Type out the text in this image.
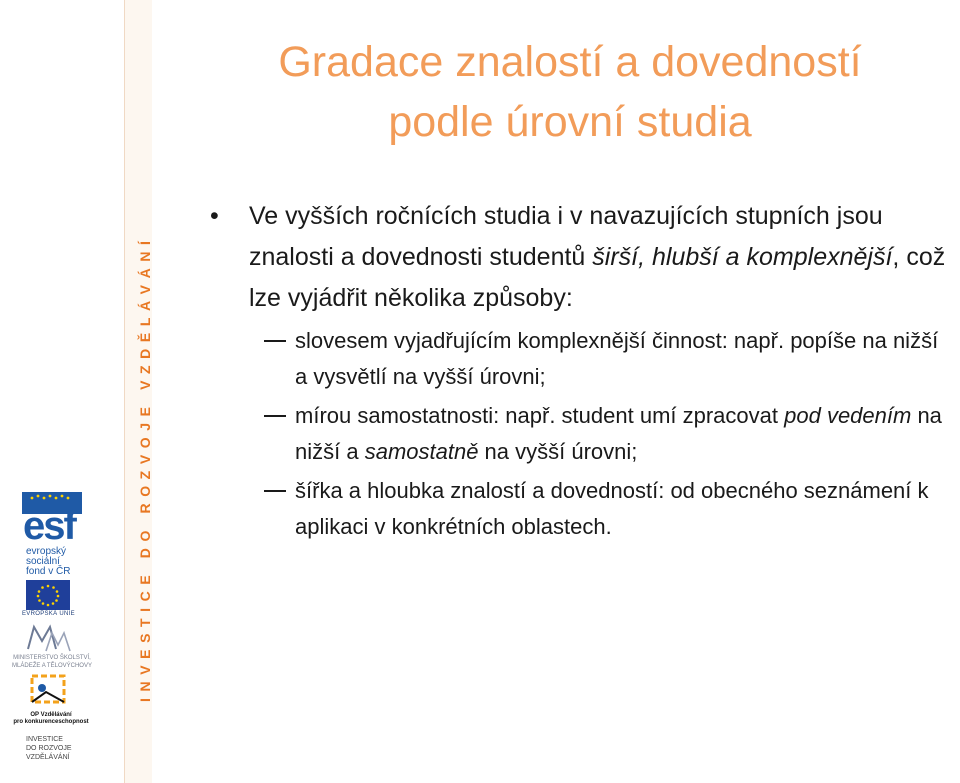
esf
evropský
sociální
fond v ČR
EVROPSKÁ UNIE
MINISTERSTVO ŠKOLSTVÍ,
MLÁDEŽE A TĚLOVÝCHOVY
OP Vzdělávání
pro konkurenceschopnost
INVESTICE
DO ROZVOJE
VZDĚLÁVÁNÍ
INVESTICE DO ROZVOJE VZDĚLÁVÁNÍ
Gradace znalostí a dovedností
podle úrovní studia
• Ve vyšších ročnících studia i v navazujících stupních jsou znalosti a dovednosti studentů širší, hlubší a komplexnější, což lze vyjádřit několika způsoby:
slovesem vyjadřujícím komplexnější činnost: např. popíše na nižší a vysvětlí na vyšší úrovni;
mírou samostatnosti: např. student umí zpracovat pod vedením na nižší a samostatně na vyšší úrovni;
šířka a hloubka znalostí a dovedností: od obecného seznámení k aplikaci v konkrétních oblastech.
